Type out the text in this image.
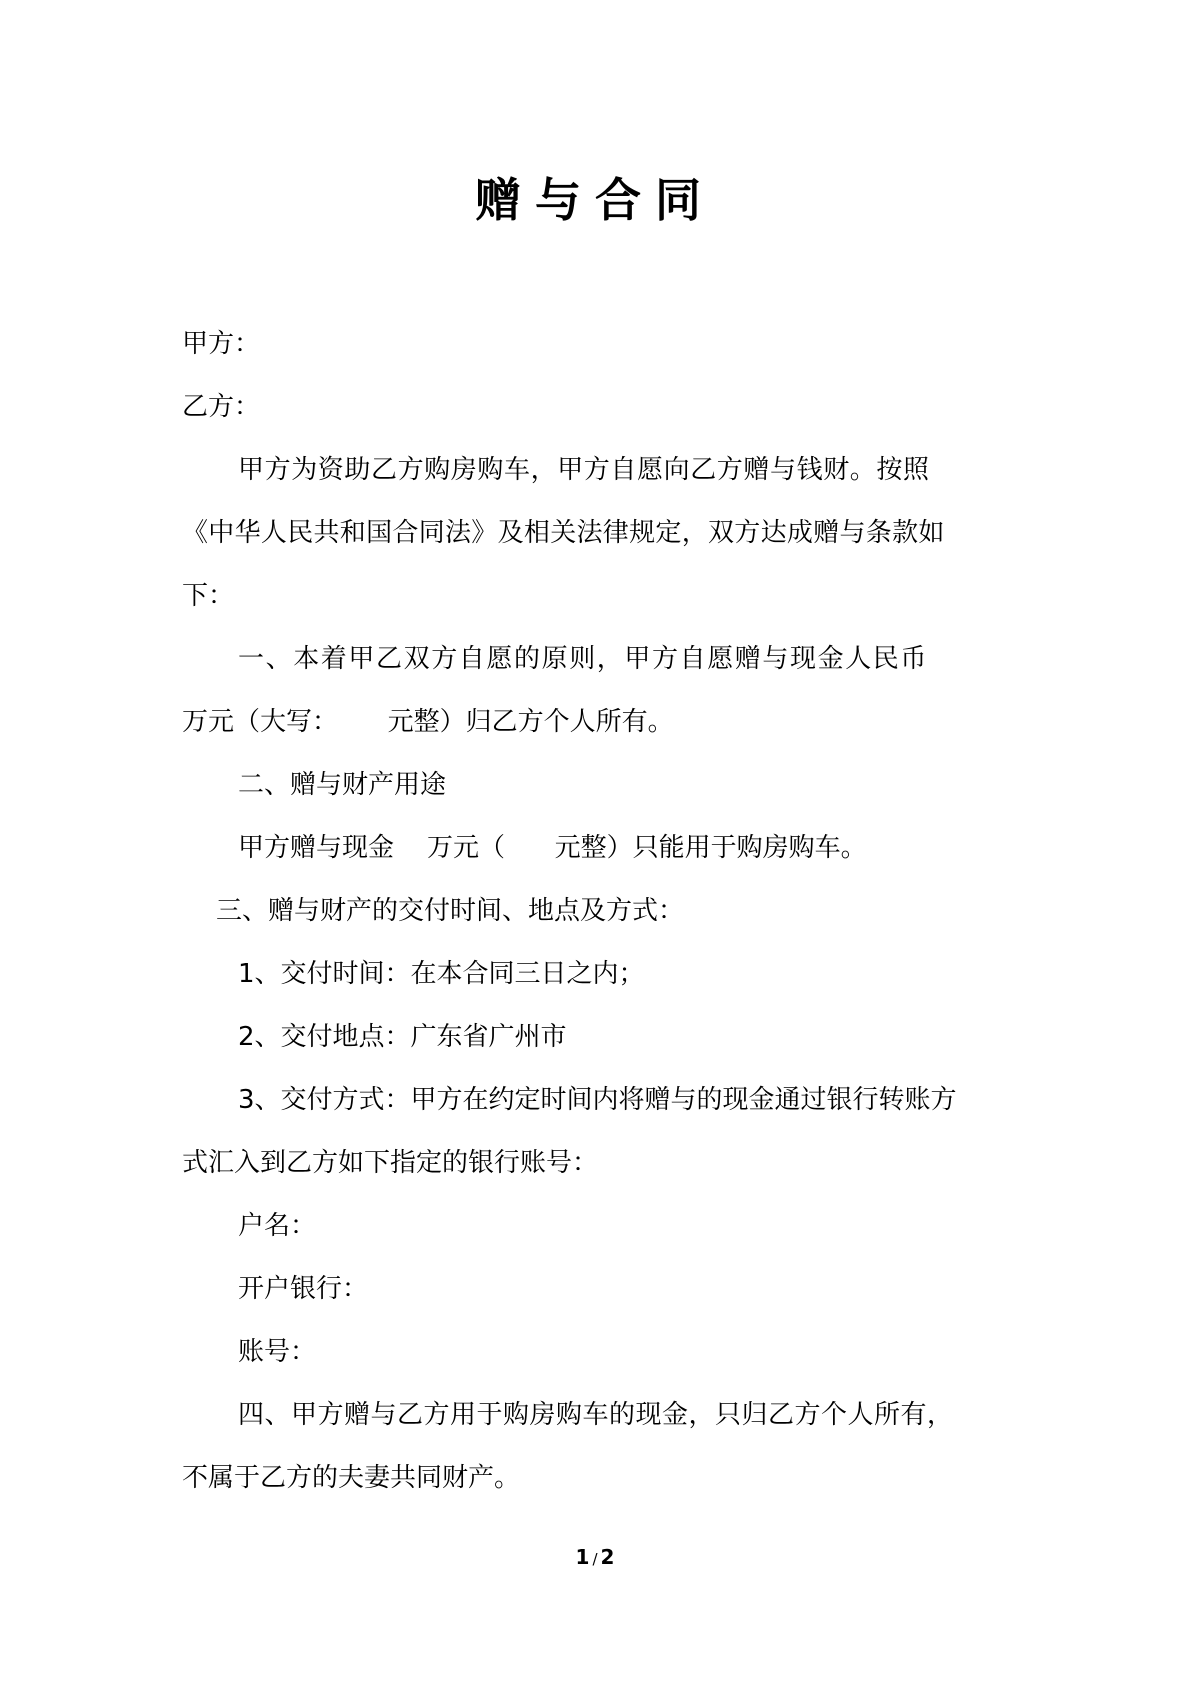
赠与合同
甲方：
乙方：
甲方为资助乙方购房购车，甲方自愿向乙方赠与钱财。按照
《中华人民共和国合同法》及相关法律规定，双方达成赠与条款如
下：
一、本着甲乙双方自愿的原则，甲方自愿赠与现金人民币
万元（大写：      元整）归乙方个人所有。
二、赠与财产用途
甲方赠与现金    万元（      元整）只能用于购房购车。
三、赠与财产的交付时间、地点及方式：
1、交付时间：在本合同三日之内；
2、交付地点：广东省广州市
3、交付方式：甲方在约定时间内将赠与的现金通过银行转账方
式汇入到乙方如下指定的银行账号：
户名：
开户银行：
账号：
四、甲方赠与乙方用于购房购车的现金，只归乙方个人所有，
不属于乙方的夫妻共同财产。
1 / 2
